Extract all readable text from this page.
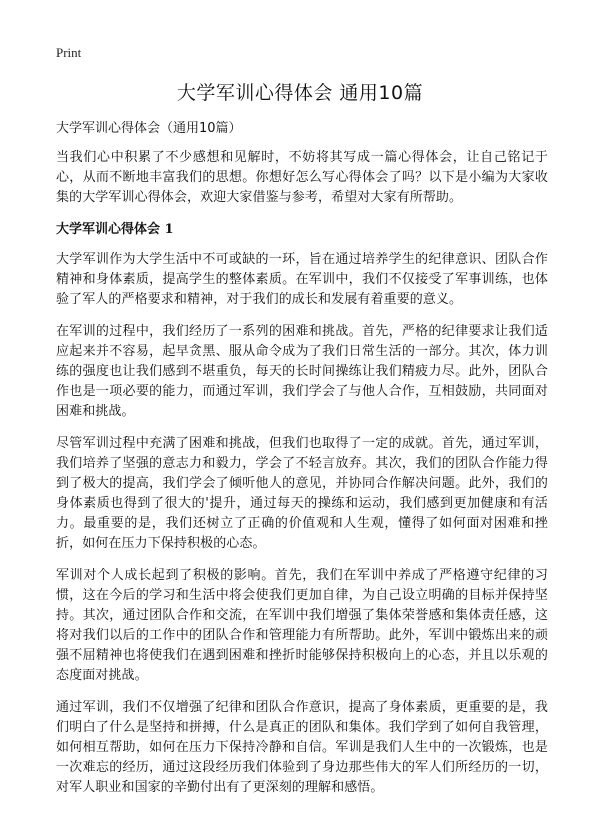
Print
大学军训心得体会 通用10篇

大学军训心得体会（通用10篇）

当我们心中积累了不少感想和见解时，不妨将其写成一篇心得体会，让自己铭记于心，从而不断地丰富我们的思想。你想好怎么写心得体会了吗？以下是小编为大家收集的大学军训心得体会，欢迎大家借鉴与参考，希望对大家有所帮助。

大学军训心得体会 1

大学军训作为大学生活中不可或缺的一环，旨在通过培养学生的纪律意识、团队合作精神和身体素质，提高学生的整体素质。在军训中，我们不仅接受了军事训练，也体验了军人的严格要求和精神，对于我们的成长和发展有着重要的意义。

在军训的过程中，我们经历了一系列的困难和挑战。首先，严格的纪律要求让我们适应起来并不容易，起早贪黑、服从命令成为了我们日常生活的一部分。其次，体力训练的强度也让我们感到不堪重负，每天的长时间操练让我们精疲力尽。此外，团队合作也是一项必要的能力，而通过军训，我们学会了与他人合作，互相鼓励，共同面对困难和挑战。

尽管军训过程中充满了困难和挑战，但我们也取得了一定的成就。首先，通过军训，我们培养了坚强的意志力和毅力，学会了不轻言放弃。其次，我们的团队合作能力得到了极大的提高，我们学会了倾听他人的意见，并协同合作解决问题。此外，我们的身体素质也得到了很大的'提升，通过每天的操练和运动，我们感到更加健康和有活力。最重要的是，我们还树立了正确的价值观和人生观，懂得了如何面对困难和挫折，如何在压力下保持积极的心态。

军训对个人成长起到了积极的影响。首先，我们在军训中养成了严格遵守纪律的习惯，这在今后的学习和生活中将会使我们更加自律，为自己设立明确的目标并保持坚持。其次，通过团队合作和交流，在军训中我们增强了集体荣誉感和集体责任感，这将对我们以后的工作中的团队合作和管理能力有所帮助。此外，军训中锻炼出来的顽强不屈精神也将使我们在遇到困难和挫折时能够保持积极向上的心态，并且以乐观的态度面对挑战。

通过军训，我们不仅增强了纪律和团队合作意识，提高了身体素质，更重要的是，我们明白了什么是坚持和拼搏，什么是真正的团队和集体。我们学到了如何自我管理，如何相互帮助，如何在压力下保持冷静和自信。军训是我们人生中的一次锻炼，也是一次难忘的经历，通过这段经历我们体验到了身边那些伟大的军人们所经历的一切，对军人职业和国家的辛勤付出有了更深刻的理解和感悟。
